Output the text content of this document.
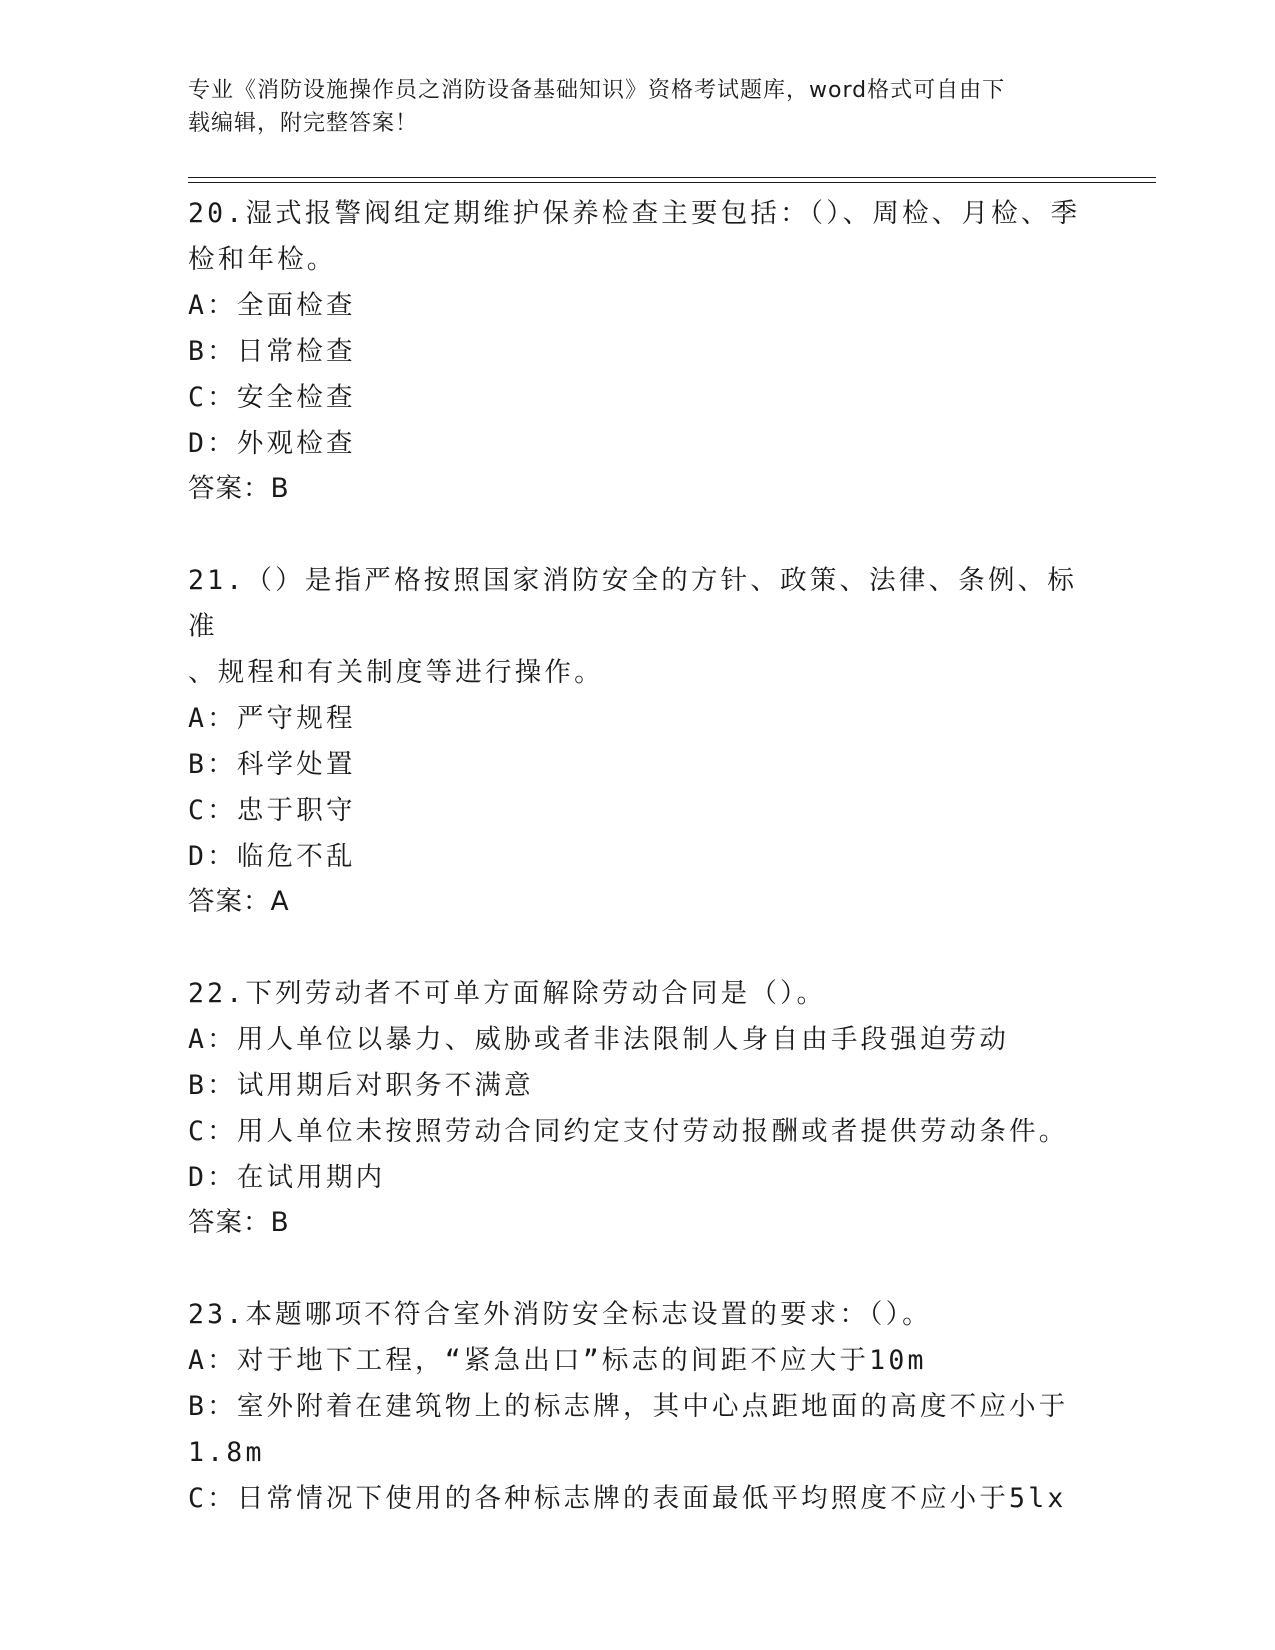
专业《消防设施操作员之消防设备基础知识》资格考试题库，word格式可自由下
载编辑，附完整答案！

20.湿式报警阀组定期维护保养检查主要包括：（）、周检、月检、季

检和年检。

A：全面检查

B：日常检查

C：安全检查

D：外观检查

答案：B

21.（）是指严格按照国家消防安全的方针、政策、法律、条例、标准

、规程和有关制度等进行操作。

A：严守规程

B：科学处置

C：忠于职守

D：临危不乱

答案：A

22.下列劳动者不可单方面解除劳动合同是（）。

A：用人单位以暴力、威胁或者非法限制人身自由手段强迫劳动

B：试用期后对职务不满意

C：用人单位未按照劳动合同约定支付劳动报酬或者提供劳动条件。

D：在试用期内

答案：B

23.本题哪项不符合室外消防安全标志设置的要求：（）。

A：对于地下工程，“紧急出口”标志的间距不应大于10m

B：室外附着在建筑物上的标志牌，其中心点距地面的高度不应小于

1.8m

C：日常情况下使用的各种标志牌的表面最低平均照度不应小于5lx
